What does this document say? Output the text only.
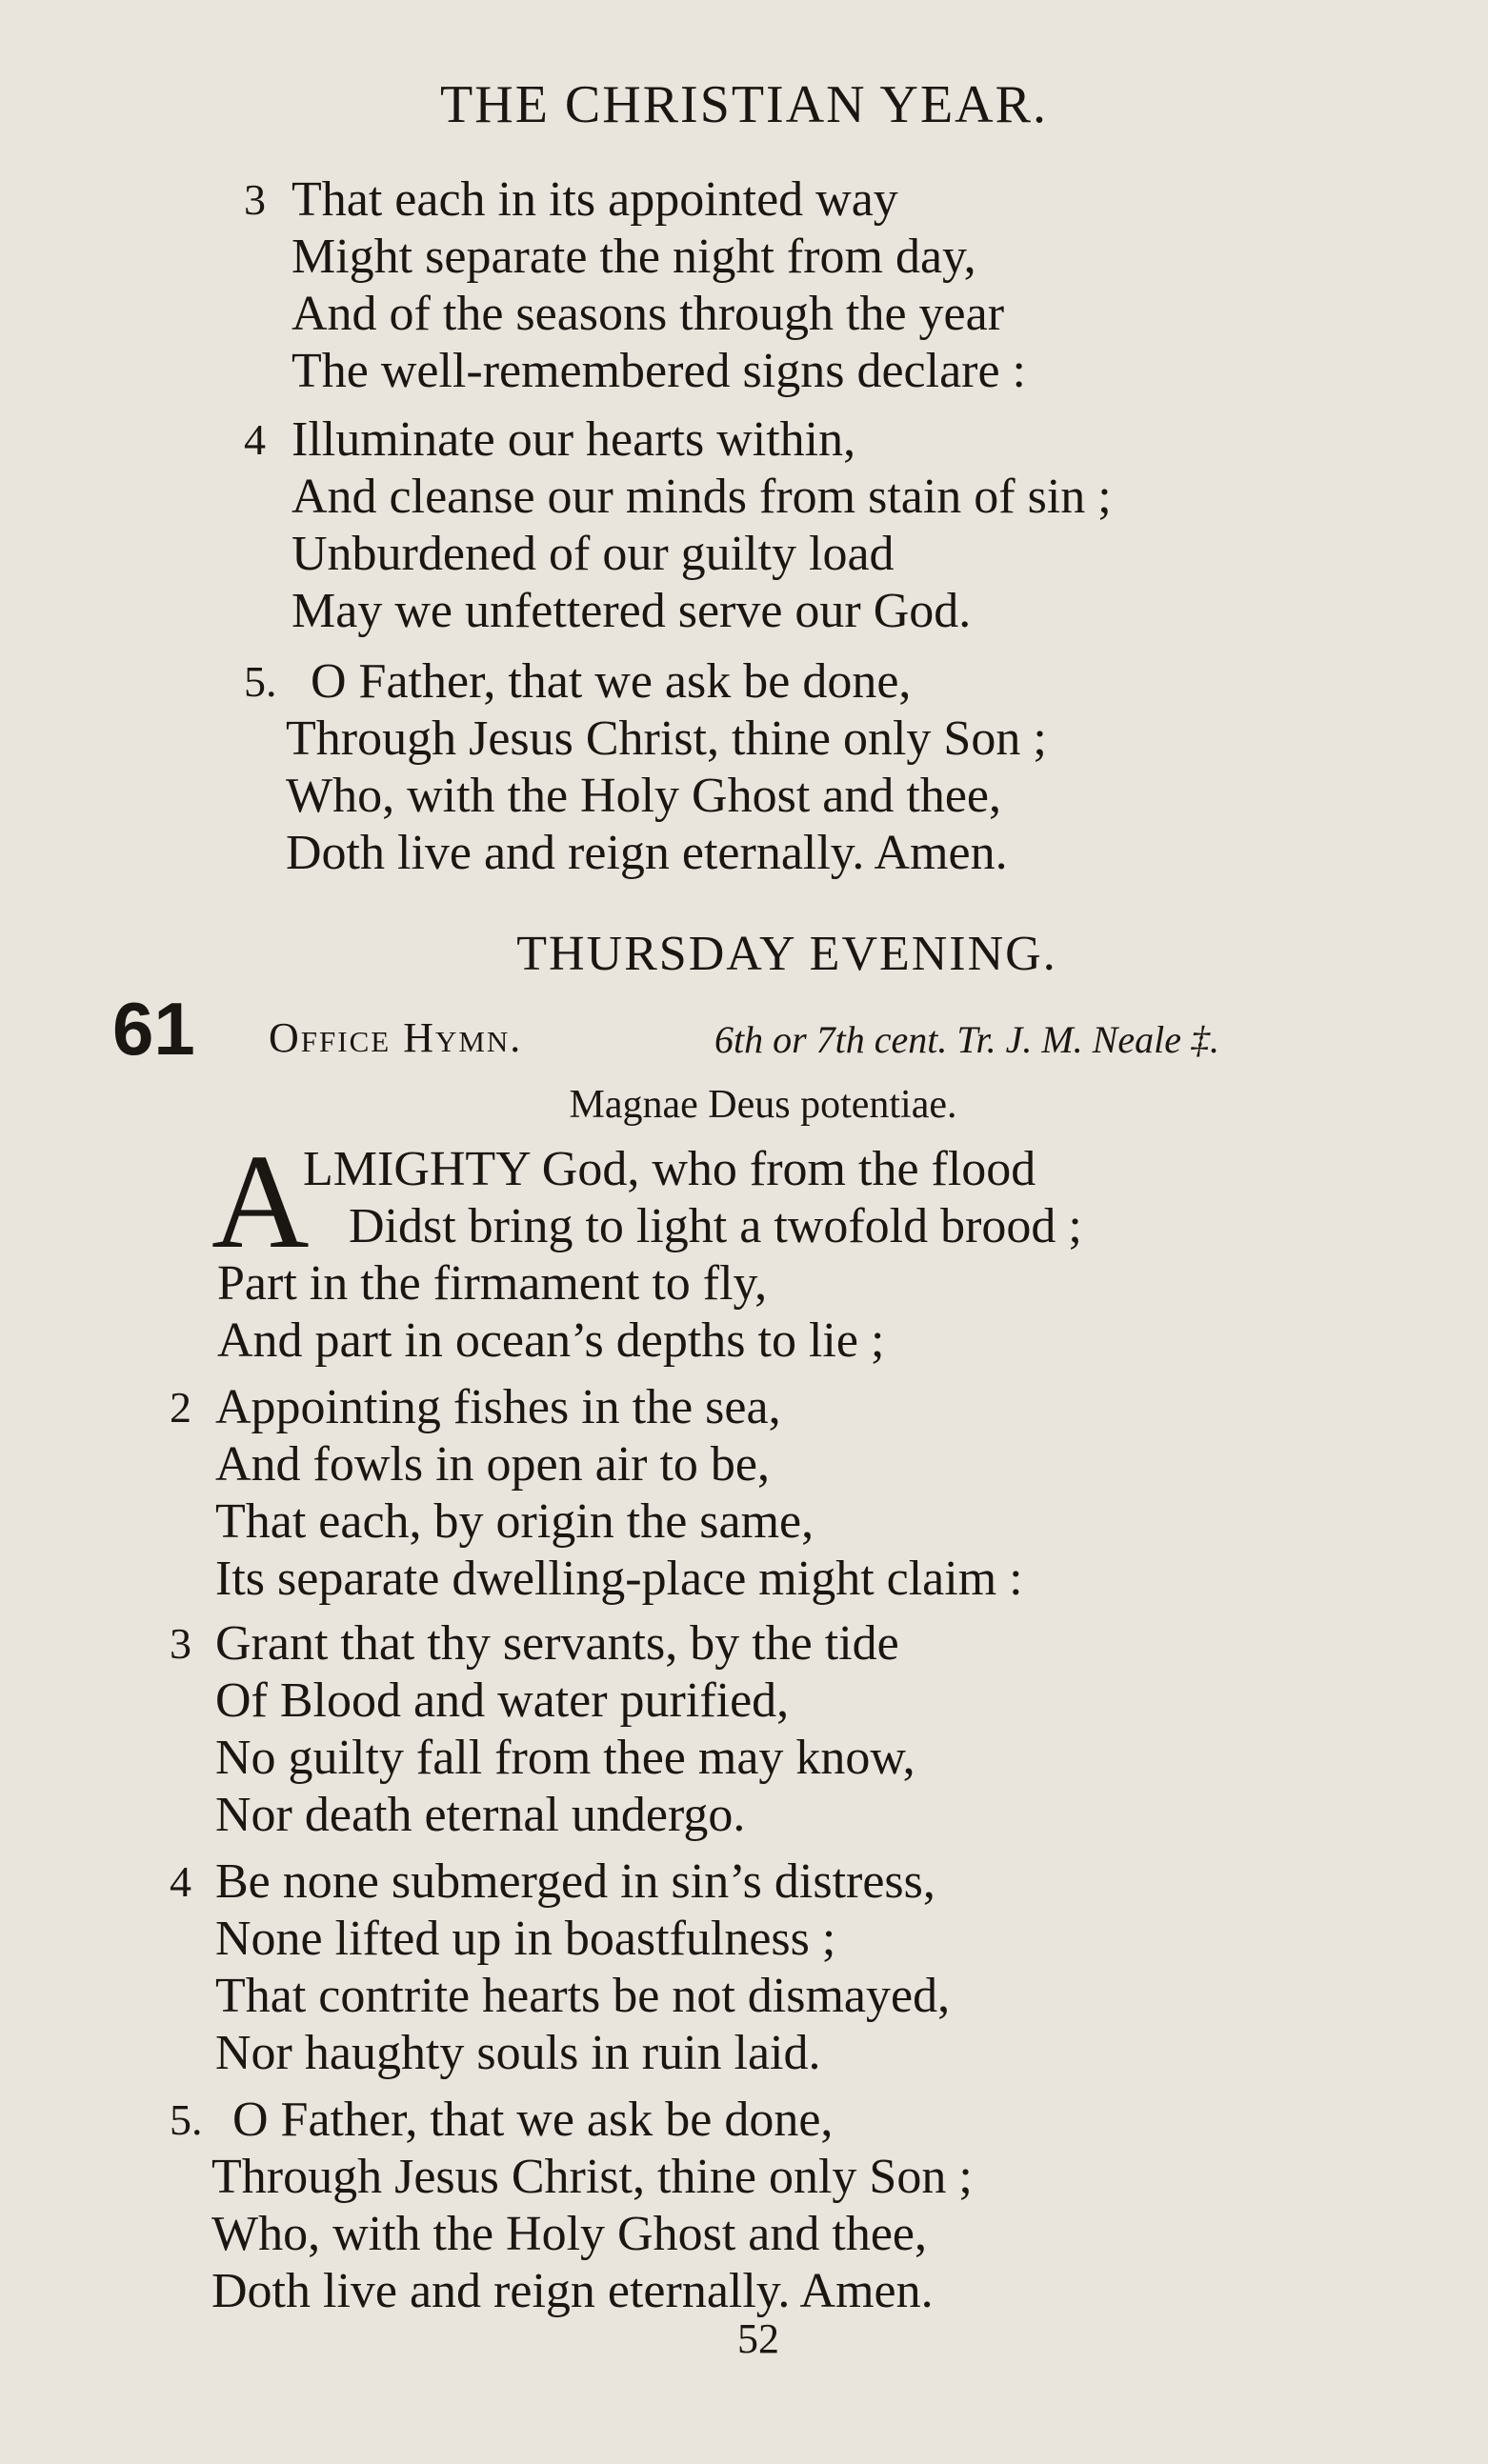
THE CHRISTIAN YEAR.
3 That each in its appointed way
Might separate the night from day,
And of the seasons through the year
The well-remembered signs declare :
4 Illuminate our hearts within,
And cleanse our minds from stain of sin ;
Unburdened of our guilty load
May we unfettered serve our God.
5. O Father, that we ask be done,
Through Jesus Christ, thine only Son ;
Who, with the Holy Ghost and thee,
Doth live and reign eternally. Amen.
THURSDAY EVENING.
61 Office Hymn.	6th or 7th cent. Tr. J. M. Neale ‡.
Magnae Deus potentiae.
A
LMIGHTY God, who from the flood
Didst bring to light a twofold brood ;
Part in the firmament to fly,
And part in ocean’s depths to lie ;
2 Appointing fishes in the sea,
And fowls in open air to be,
That each, by origin the same,
Its separate dwelling-place might claim :
3 Grant that thy servants, by the tide
Of Blood and water purified,
No guilty fall from thee may know,
Nor death eternal undergo.
4 Be none submerged in sin’s distress,
None lifted up in boastfulness ;
That contrite hearts be not dismayed,
Nor haughty souls in ruin laid.
5. O Father, that we ask be done,
Through Jesus Christ, thine only Son ;
Who, with the Holy Ghost and thee,
Doth live and reign eternally. Amen.
52
